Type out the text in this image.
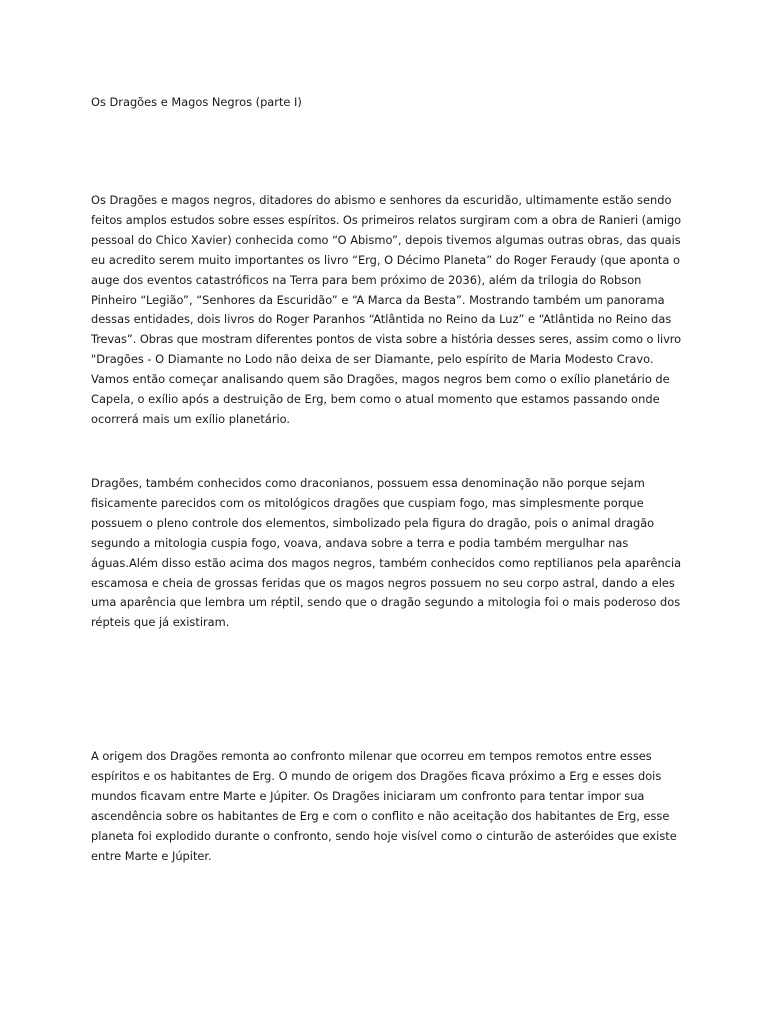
Os Dragões e Magos Negros (parte I)

Os Dragões e magos negros, ditadores do abismo e senhores da escuridão, ultimamente estão sendo
feitos amplos estudos sobre esses espíritos. Os primeiros relatos surgiram com a obra de Ranieri (amigo
pessoal do Chico Xavier) conhecida como “O Abismo”, depois tivemos algumas outras obras, das quais
eu acredito serem muito importantes os livro “Erg, O Décimo Planeta” do Roger Feraudy (que aponta o
auge dos eventos catastróficos na Terra para bem próximo de 2036), além da trilogia do Robson
Pinheiro “Legião”, “Senhores da Escuridão” e “A Marca da Besta”. Mostrando também um panorama
dessas entidades, dois livros do Roger Paranhos “Atlântida no Reino da Luz” e “Atlântida no Reino das
Trevas”. Obras que mostram diferentes pontos de vista sobre a história desses seres, assim como o livro
"Dragões - O Diamante no Lodo não deixa de ser Diamante, pelo espírito de Maria Modesto Cravo.
Vamos então começar analisando quem são Dragões, magos negros bem como o exílio planetário de
Capela, o exílio após a destruição de Erg, bem como o atual momento que estamos passando onde
ocorrerá mais um exílio planetário.

Dragões, também conhecidos como draconianos, possuem essa denominação não porque sejam
fisicamente parecidos com os mitológicos dragões que cuspiam fogo, mas simplesmente porque
possuem o pleno controle dos elementos, simbolizado pela figura do dragão, pois o animal dragão
segundo a mitologia cuspia fogo, voava, andava sobre a terra e podia também mergulhar nas
águas.Além disso estão acima dos magos negros, também conhecidos como reptilianos pela aparência
escamosa e cheia de grossas feridas que os magos negros possuem no seu corpo astral, dando a eles
uma aparência que lembra um réptil, sendo que o dragão segundo a mitologia foi o mais poderoso dos
répteis que já existiram.

A origem dos Dragões remonta ao confronto milenar que ocorreu em tempos remotos entre esses
espíritos e os habitantes de Erg. O mundo de origem dos Dragões ficava próximo a Erg e esses dois
mundos ficavam entre Marte e Júpiter. Os Dragões iniciaram um confronto para tentar impor sua
ascendência sobre os habitantes de Erg e com o conflito e não aceitação dos habitantes de Erg, esse
planeta foi explodido durante o confronto, sendo hoje visível como o cinturão de asteróides que existe
entre Marte e Júpiter.
